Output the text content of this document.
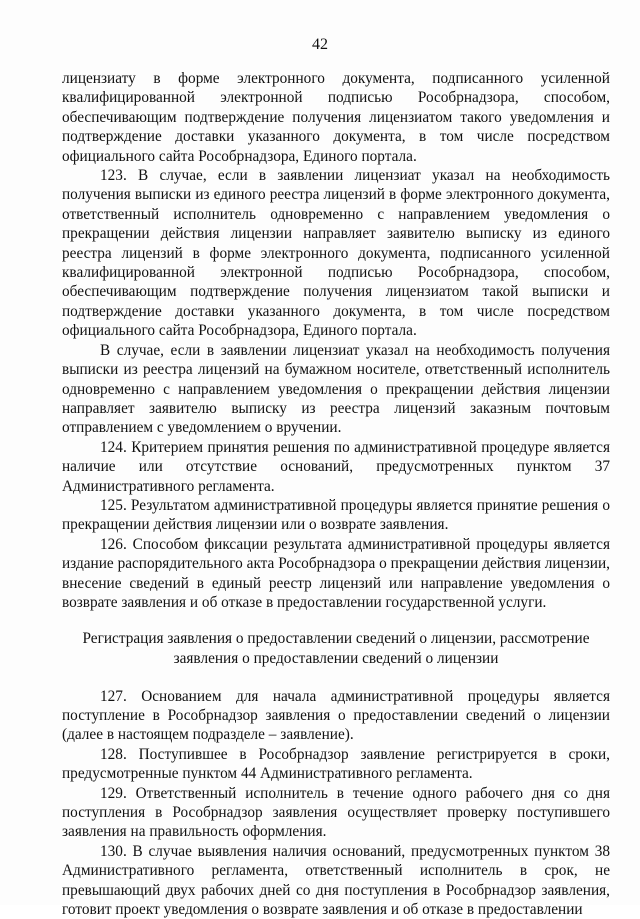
42

лицензиату в форме электронного документа, подписанного усиленной квалифицированной электронной подписью Рособрнадзора, способом, обеспечивающим подтверждение получения лицензиатом такого уведомления и подтверждение доставки указанного документа, в том числе посредством официального сайта Рособрнадзора, Единого портала.

123. В случае, если в заявлении лицензиат указал на необходимость получения выписки из единого реестра лицензий в форме электронного документа, ответственный исполнитель одновременно с направлением уведомления о прекращении действия лицензии направляет заявителю выписку из единого реестра лицензий в форме электронного документа, подписанного усиленной квалифицированной электронной подписью Рособрнадзора, способом, обеспечивающим подтверждение получения лицензиатом такой выписки и подтверждение доставки указанного документа, в том числе посредством официального сайта Рособрнадзора, Единого портала.

В случае, если в заявлении лицензиат указал на необходимость получения выписки из реестра лицензий на бумажном носителе, ответственный исполнитель одновременно с направлением уведомления о прекращении действия лицензии направляет заявителю выписку из реестра лицензий заказным почтовым отправлением с уведомлением о вручении.

124. Критерием принятия решения по административной процедуре является наличие или отсутствие оснований, предусмотренных пунктом 37 Административного регламента.

125. Результатом административной процедуры является принятие решения о прекращении действия лицензии или о возврате заявления.

126. Способом фиксации результата административной процедуры является издание распорядительного акта Рособрнадзора о прекращении действия лицензии, внесение сведений в единый реестр лицензий или направление уведомления о возврате заявления и об отказе в предоставлении государственной услуги.

Регистрация заявления о предоставлении сведений о лицензии, рассмотрение заявления о предоставлении сведений о лицензии

127. Основанием для начала административной процедуры является поступление в Рособрнадзор заявления о предоставлении сведений о лицензии (далее в настоящем подразделе – заявление).

128. Поступившее в Рособрнадзор заявление регистрируется в сроки, предусмотренные пунктом 44 Административного регламента.

129. Ответственный исполнитель в течение одного рабочего дня со дня поступления в Рособрнадзор заявления осуществляет проверку поступившего заявления на правильность оформления.

130. В случае выявления наличия оснований, предусмотренных пунктом 38 Административного регламента, ответственный исполнитель в срок, не превышающий двух рабочих дней со дня поступления в Рособрнадзор заявления, готовит проект уведомления о возврате заявления и об отказе в предоставлении
